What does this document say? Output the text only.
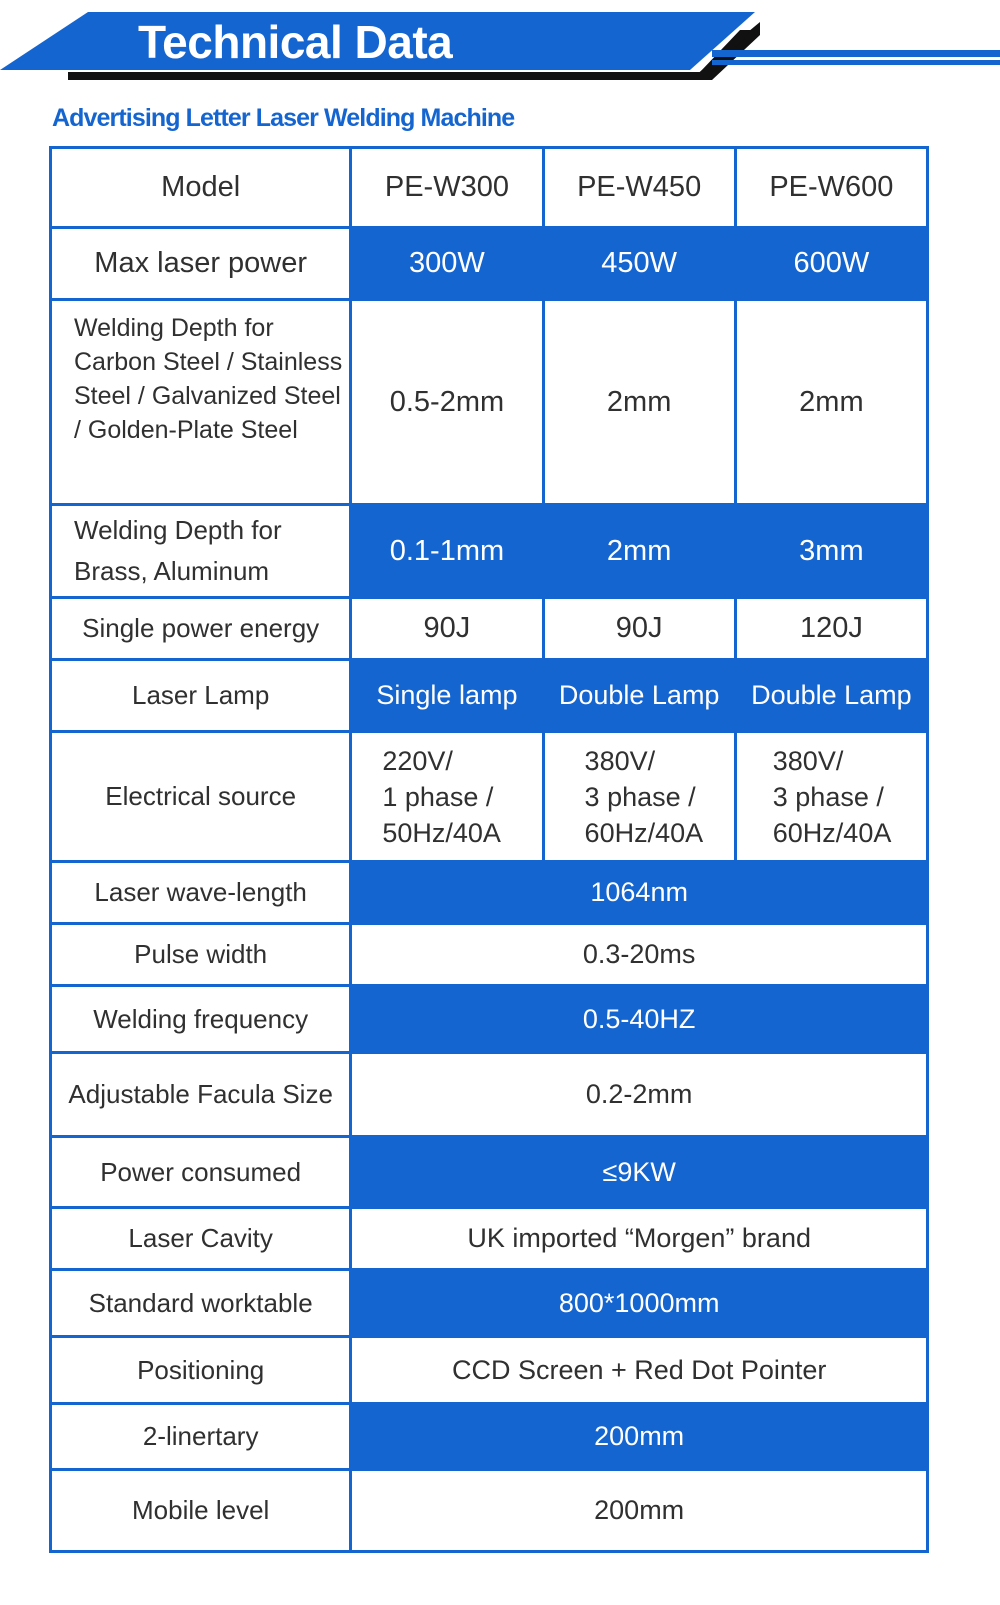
Technical Data
Advertising Letter Laser Welding Machine
Model	PE-W300	PE-W450	PE-W600
Max laser power	300W	450W	600W

Welding Depth for
Carbon Steel / Stainless
Steel / Galvanized Steel
/ Golden-Plate Steel	0.5-2mm	2mm	2mm

Welding Depth for
Brass, Aluminum	0.1-1mm	2mm	3mm
Single power energy	90J	90J	120J
Laser Lamp	Single lamp	Double Lamp	Double Lamp
Electrical source	220V/
1 phase /
50Hz/40A	380V/
3 phase /
60Hz/40A	380V/
3 phase /
60Hz/40A

Laser wave-length	1064nm		
Pulse width	0.3-20ms		
Welding frequency	0.5-40HZ		
Adjustable Facula Size	0.2-2mm		
Power consumed	≤9KW		
Laser Cavity	UK imported “Morgen” brand		
Standard worktable	800*1000mm		
Positioning	CCD Screen + Red Dot Pointer		
2-linertary	200mm		
Mobile level	200mm		
